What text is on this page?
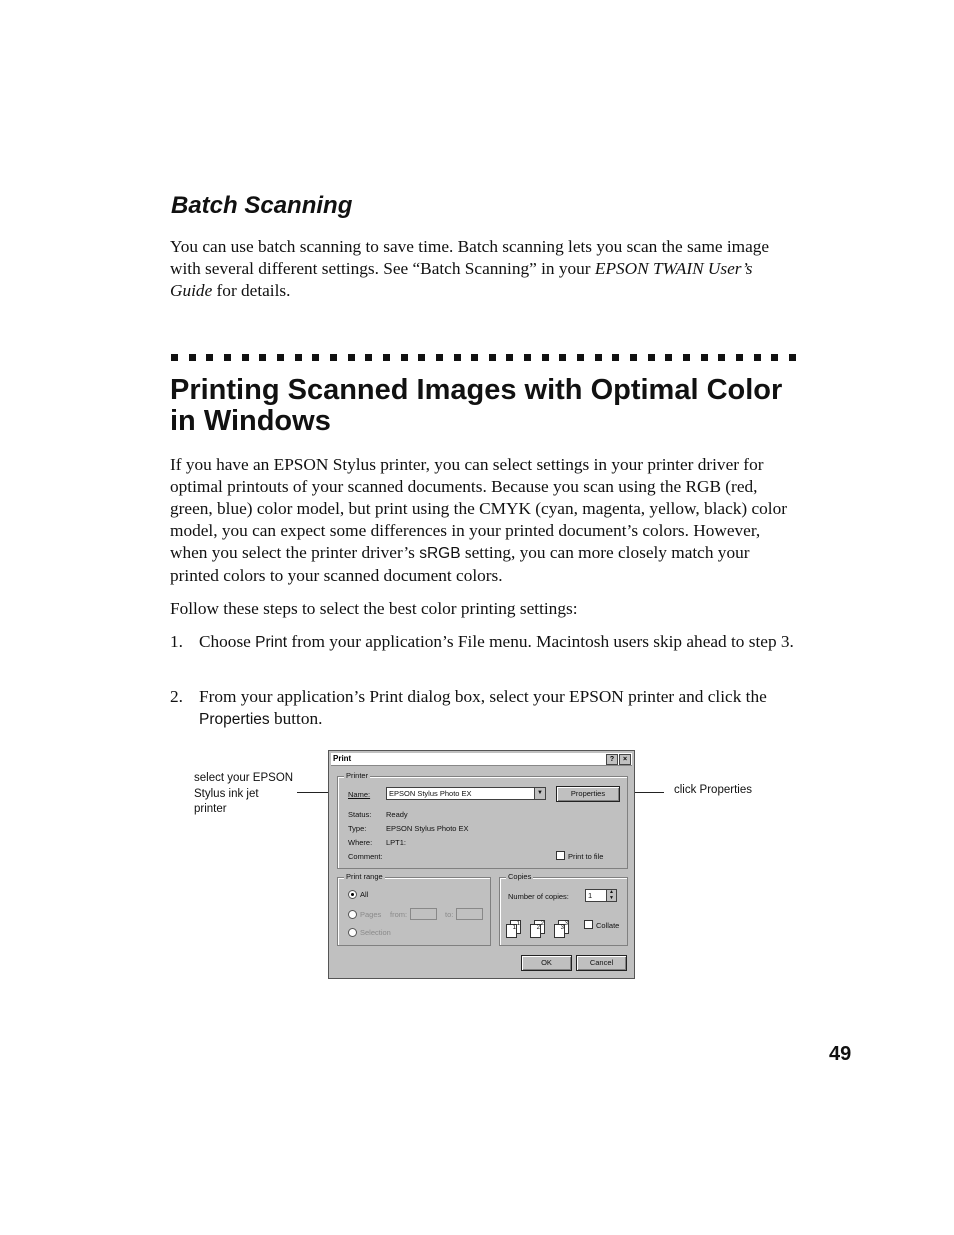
Batch Scanning

You can use batch scanning to save time. Batch scanning lets you scan the same image with several different settings. See “Batch Scanning” in your EPSON TWAIN User’s Guide for details.

Printing Scanned Images with Optimal Color in Windows

If you have an EPSON Stylus printer, you can select settings in your printer driver for optimal printouts of your scanned documents. Because you scan using the RGB (red, green, blue) color model, but print using the CMYK (cyan, magenta, yellow, black) color model, you can expect some differences in your printed document’s colors. However, when you select the printer driver’s sRGB setting, you can more closely match your printed colors to your scanned document colors.

Follow these steps to select the best color printing settings:

1. Choose Print from your application’s File menu. Macintosh users skip ahead to step 3.
2. From your application’s Print dialog box, select your EPSON printer and click the Properties button.
select your EPSON Stylus ink jet printer
click Properties
Print	?	×
Printer
Name:	EPSON Stylus Photo EX	▼	Properties
Status: Ready
Type:	EPSON Stylus Photo EX
Where: LPT1:
Comment:	Print to file
Print range
All
Pages from:	to:
Selection
Copies
Number of copies:	1	▲
▼
1
1
2
2
3
3	Collate
OK	Cancel
49
